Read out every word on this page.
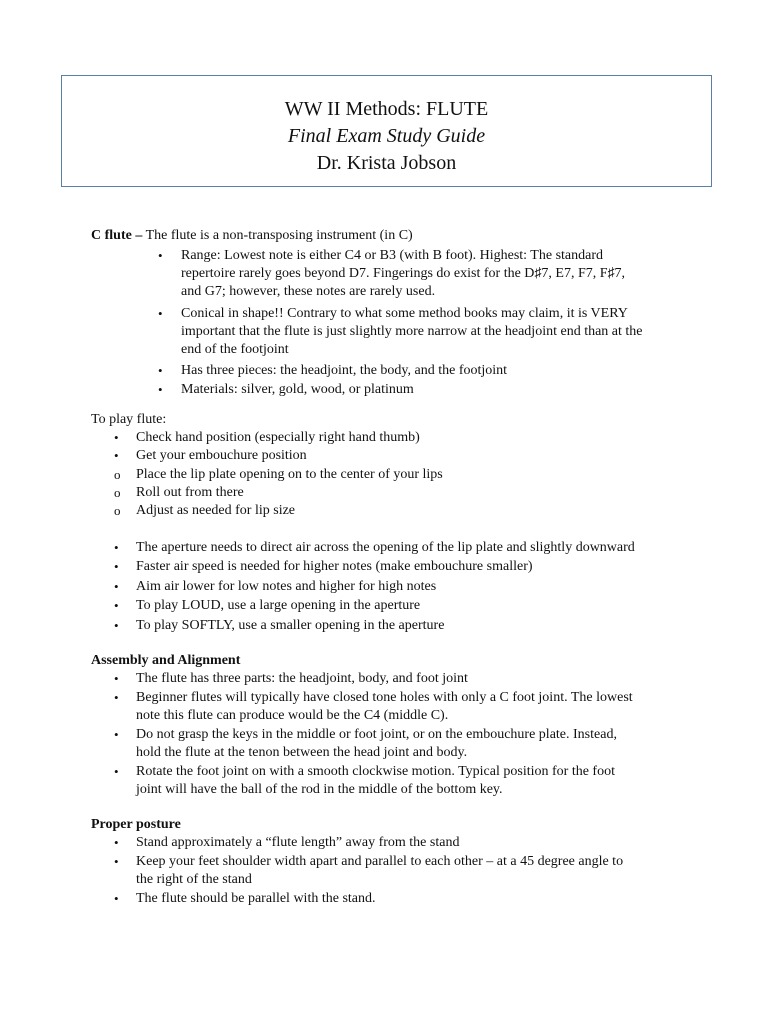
WW II Methods: FLUTE
Final Exam Study Guide
Dr. Krista Jobson
C flute – The flute is a non-transposing instrument (in C)
• Range: Lowest note is either C4 or B3 (with B foot). Highest: The standard
repertoire rarely goes beyond D7. Fingerings do exist for the D♯7, E7, F7, F♯7,
and G7; however, these notes are rarely used.
• Conical in shape!! Contrary to what some method books may claim, it is VERY
important that the flute is just slightly more narrow at the headjoint end than at the
end of the footjoint
• Has three pieces: the headjoint, the body, and the footjoint
• Materials: silver, gold, wood, or platinum
To play flute:
• Check hand position (especially right hand thumb)
• Get your embouchure position
o Place the lip plate opening on to the center of your lips
o Roll out from there
o Adjust as needed for lip size
• The aperture needs to direct air across the opening of the lip plate and slightly downward
• Faster air speed is needed for higher notes (make embouchure smaller)
• Aim air lower for low notes and higher for high notes
• To play LOUD, use a large opening in the aperture
• To play SOFTLY, use a smaller opening in the aperture
Assembly and Alignment
• The flute has three parts: the headjoint, body, and foot joint
• Beginner flutes will typically have closed tone holes with only a C foot joint. The lowest
note this flute can produce would be the C4 (middle C).
• Do not grasp the keys in the middle or foot joint, or on the embouchure plate. Instead,
hold the flute at the tenon between the head joint and body.
• Rotate the foot joint on with a smooth clockwise motion. Typical position for the foot
joint will have the ball of the rod in the middle of the bottom key.
Proper posture
• Stand approximately a “flute length” away from the stand
• Keep your feet shoulder width apart and parallel to each other – at a 45 degree angle to
the right of the stand
• The flute should be parallel with the stand.
